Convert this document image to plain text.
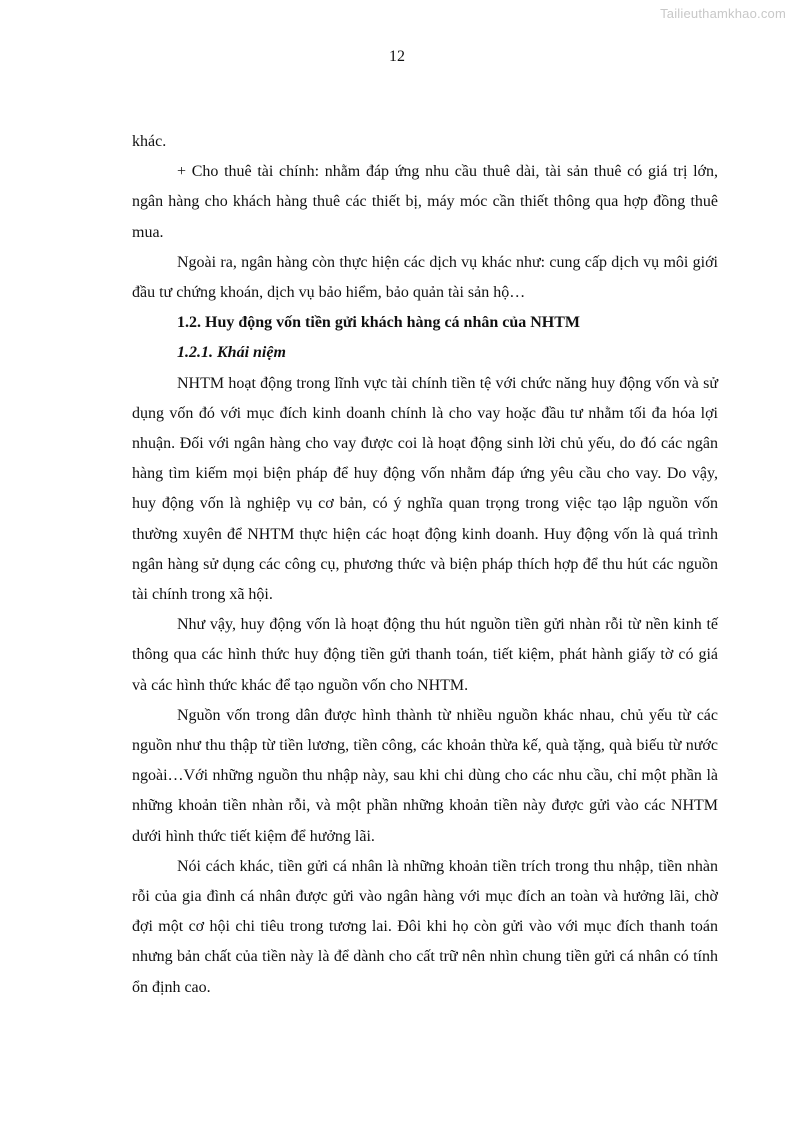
Tailieuthamkhao.com
12

khác.

+ Cho thuê tài chính: nhằm đáp ứng nhu cầu thuê dài, tài sản thuê có giá trị lớn, ngân hàng cho khách hàng thuê các thiết bị, máy móc cần thiết thông qua hợp đồng thuê mua.

Ngoài ra, ngân hàng còn thực hiện các dịch vụ khác như: cung cấp dịch vụ môi giới đầu tư chứng khoán, dịch vụ bảo hiểm, bảo quản tài sản hộ…

1.2. Huy động vốn tiền gửi khách hàng cá nhân của NHTM
1.2.1. Khái niệm

NHTM hoạt động trong lĩnh vực tài chính tiền tệ với chức năng huy động vốn và sử dụng vốn đó với mục đích kinh doanh chính là cho vay hoặc đầu tư nhằm tối đa hóa lợi nhuận. Đối với ngân hàng cho vay được coi là hoạt động sinh lời chủ yếu, do đó các ngân hàng tìm kiếm mọi biện pháp để huy động vốn nhằm đáp ứng yêu cầu cho vay. Do vậy, huy động vốn là nghiệp vụ cơ bản, có ý nghĩa quan trọng trong việc tạo lập nguồn vốn thường xuyên để NHTM thực hiện các hoạt động kinh doanh. Huy động vốn là quá trình ngân hàng sử dụng các công cụ, phương thức và biện pháp thích hợp để thu hút các nguồn tài chính trong xã hội.

Như vậy, huy động vốn là hoạt động thu hút nguồn tiền gửi nhàn rỗi từ nền kinh tế thông qua các hình thức huy động tiền gửi thanh toán, tiết kiệm, phát hành giấy tờ có giá và các hình thức khác để tạo nguồn vốn cho NHTM.

Nguồn vốn trong dân được hình thành từ nhiều nguồn khác nhau, chủ yếu từ các nguồn như thu thập từ tiền lương, tiền công, các khoản thừa kế, quà tặng, quà biếu từ nước ngoài…Với những nguồn thu nhập này, sau khi chi dùng cho các nhu cầu, chỉ một phần là những khoản tiền nhàn rỗi, và một phần những khoản tiền này được gửi vào các NHTM dưới hình thức tiết kiệm để hưởng lãi.

Nói cách khác, tiền gửi cá nhân là những khoản tiền trích trong thu nhập, tiền nhàn rỗi của gia đình cá nhân được gửi vào ngân hàng với mục đích an toàn và hưởng lãi, chờ đợi một cơ hội chi tiêu trong tương lai. Đôi khi họ còn gửi vào với mục đích thanh toán nhưng bản chất của tiền này là để dành cho cất trữ nên nhìn chung tiền gửi cá nhân có tính ổn định cao.
